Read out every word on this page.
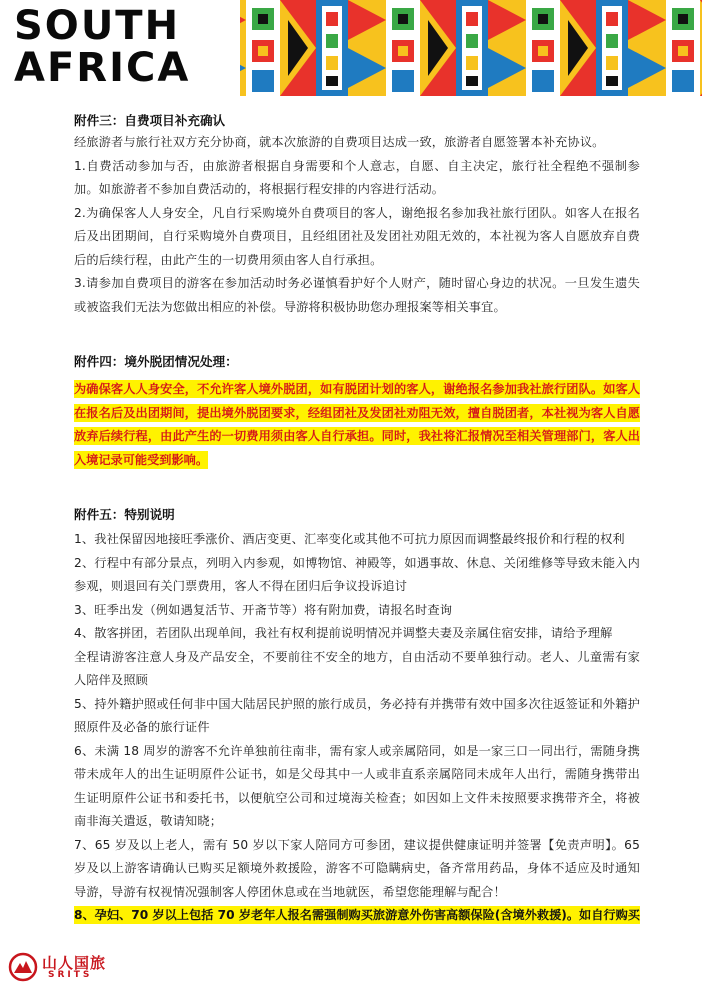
SOUTH
AFRICA

附件三：自费项目补充确认

经旅游者与旅行社双方充分协商，就本次旅游的自费项目达成一致，旅游者自愿签署本补充协议。

1.自费活动参加与否，由旅游者根据自身需要和个人意志，自愿、自主决定，旅行社全程绝不强制参加。如旅游者不参加自费活动的，将根据行程安排的内容进行活动。

2.为确保客人人身安全，凡自行采购境外自费项目的客人，谢绝报名参加我社旅行团队。如客人在报名后及出团期间，自行采购境外自费项目，且经组团社及发团社劝阻无效的，本社视为客人自愿放弃自费后的后续行程，由此产生的一切费用须由客人自行承担。

3.请参加自费项目的游客在参加活动时务必谨慎看护好个人财产，随时留心身边的状况。一旦发生遗失或被盗我们无法为您做出相应的补偿。导游将积极协助您办理报案等相关事宜。

附件四：境外脱团情况处理：

为确保客人人身安全，不允许客人境外脱团，如有脱团计划的客人，谢绝报名参加我社旅行团队。如客人在报名后及出团期间，提出境外脱团要求，经组团社及发团社劝阻无效，擅自脱团者，本社视为客人自愿放弃后续行程，由此产生的一切费用须由客人自行承担。同时，我社将汇报情况至相关管理部门，客人出入境记录可能受到影响。

附件五：特别说明

1、我社保留因地接旺季涨价、酒店变更、汇率变化或其他不可抗力原因而调整最终报价和行程的权利

2、行程中有部分景点，列明入内参观，如博物馆、神殿等，如遇事故、休息、关闭维修等导致未能入内参观，则退回有关门票费用，客人不得在团归后争议投诉追讨

3、旺季出发（例如遇复活节、开斋节等）将有附加费，请报名时查询

4、散客拼团，若团队出现单间，我社有权利提前说明情况并调整夫妻及亲属住宿安排，请给予理解

全程请游客注意人身及产品安全，不要前往不安全的地方，自由活动不要单独行动。老人、儿童需有家人陪伴及照顾

5、持外籍护照或任何非中国大陆居民护照的旅行成员，务必持有并携带有效中国多次往返签证和外籍护照原件及必备的旅行证件

6、未满 18 周岁的游客不允许单独前往南非，需有家人或亲属陪同，如是一家三口一同出行，需随身携带未成年人的出生证明原件公证书，如是父母其中一人或非直系亲属陪同未成年人出行，需随身携带出生证明原件公证书和委托书，以便航空公司和过境海关检查；如因如上文件未按照要求携带齐全，将被南非海关遣返，敬请知晓；

7、65 岁及以上老人，需有 50 岁以下家人陪同方可参团，建议提供健康证明并签署【免责声明】。65 岁及以上游客请确认已购买足额境外救援险，游客不可隐瞒病史，备齐常用药品，身体不适应及时通知导游，导游有权视情况强制客人停团休息或在当地就医，希望您能理解与配合！

8、孕妇、70 岁以上包括 70 岁老年人报名需强制购买旅游意外伤害高额保险(含境外救援)。如自行购买

山人国旅
SRITS
